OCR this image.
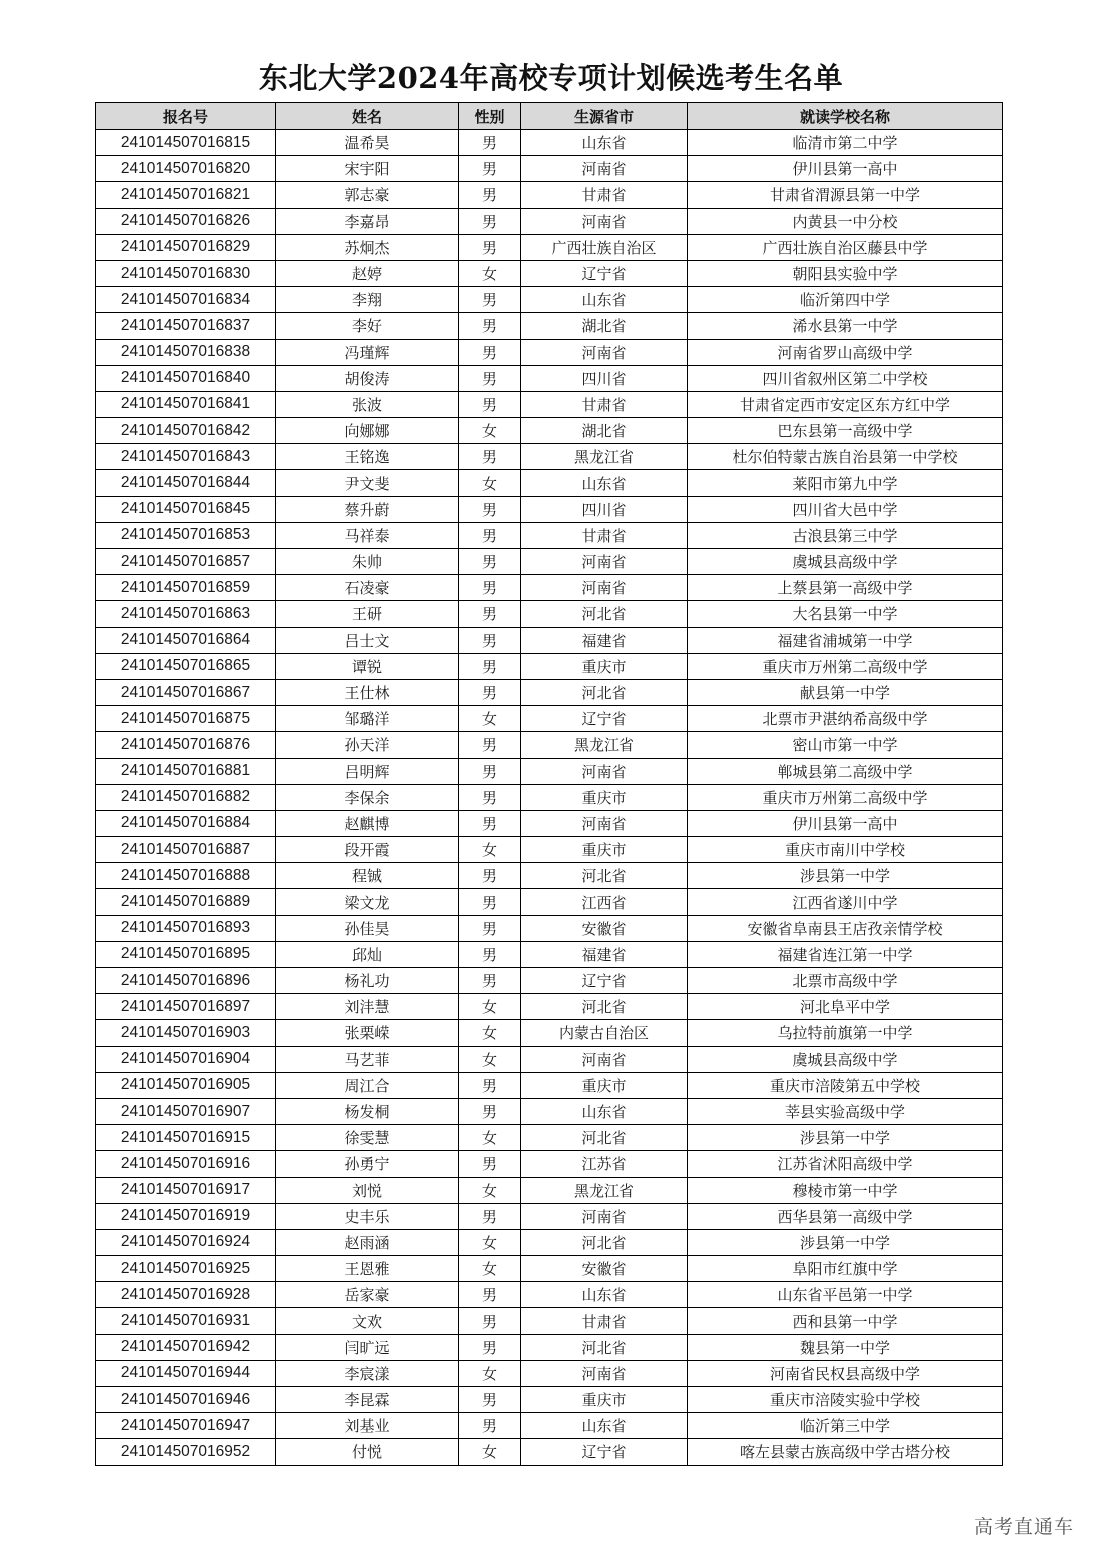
东北大学2024年高校专项计划候选考生名单
报名号	姓名	性别	生源省市	就读学校名称
241014507016815	温希昊	男	山东省	临清市第二中学
241014507016820	宋宇阳	男	河南省	伊川县第一高中
241014507016821	郭志豪	男	甘肃省	甘肃省渭源县第一中学
241014507016826	李嘉昂	男	河南省	内黄县一中分校
241014507016829	苏炯杰	男	广西壮族自治区	广西壮族自治区藤县中学
241014507016830	赵婷	女	辽宁省	朝阳县实验中学
241014507016834	李翔	男	山东省	临沂第四中学
241014507016837	李好	男	湖北省	浠水县第一中学
241014507016838	冯瑾辉	男	河南省	河南省罗山高级中学
241014507016840	胡俊涛	男	四川省	四川省叙州区第二中学校
241014507016841	张波	男	甘肃省	甘肃省定西市安定区东方红中学
241014507016842	向娜娜	女	湖北省	巴东县第一高级中学
241014507016843	王铭逸	男	黑龙江省	杜尔伯特蒙古族自治县第一中学校
241014507016844	尹文斐	女	山东省	莱阳市第九中学
241014507016845	蔡升蔚	男	四川省	四川省大邑中学
241014507016853	马祥泰	男	甘肃省	古浪县第三中学
241014507016857	朱帅	男	河南省	虞城县高级中学
241014507016859	石凌豪	男	河南省	上蔡县第一高级中学
241014507016863	王研	男	河北省	大名县第一中学
241014507016864	吕士文	男	福建省	福建省浦城第一中学
241014507016865	谭锐	男	重庆市	重庆市万州第二高级中学
241014507016867	王仕林	男	河北省	献县第一中学
241014507016875	邹璐洋	女	辽宁省	北票市尹湛纳希高级中学
241014507016876	孙天洋	男	黑龙江省	密山市第一中学
241014507016881	吕明辉	男	河南省	郸城县第二高级中学
241014507016882	李保余	男	重庆市	重庆市万州第二高级中学
241014507016884	赵麒博	男	河南省	伊川县第一高中
241014507016887	段开霞	女	重庆市	重庆市南川中学校
241014507016888	程铖	男	河北省	涉县第一中学
241014507016889	梁文龙	男	江西省	江西省遂川中学
241014507016893	孙佳昊	男	安徽省	安徽省阜南县王店孜亲情学校
241014507016895	邱灿	男	福建省	福建省连江第一中学
241014507016896	杨礼功	男	辽宁省	北票市高级中学
241014507016897	刘沣慧	女	河北省	河北阜平中学
241014507016903	张栗嵘	女	内蒙古自治区	乌拉特前旗第一中学
241014507016904	马艺菲	女	河南省	虞城县高级中学
241014507016905	周江合	男	重庆市	重庆市涪陵第五中学校
241014507016907	杨发桐	男	山东省	莘县实验高级中学
241014507016915	徐雯慧	女	河北省	涉县第一中学
241014507016916	孙勇宁	男	江苏省	江苏省沭阳高级中学
241014507016917	刘悦	女	黑龙江省	穆棱市第一中学
241014507016919	史丰乐	男	河南省	西华县第一高级中学
241014507016924	赵雨涵	女	河北省	涉县第一中学
241014507016925	王恩雅	女	安徽省	阜阳市红旗中学
241014507016928	岳家豪	男	山东省	山东省平邑第一中学
241014507016931	文欢	男	甘肃省	西和县第一中学
241014507016942	闫旷远	男	河北省	魏县第一中学
241014507016944	李宸漾	女	河南省	河南省民权县高级中学
241014507016946	李昆霖	男	重庆市	重庆市涪陵实验中学校
241014507016947	刘基业	男	山东省	临沂第三中学
241014507016952	付悦	女	辽宁省	喀左县蒙古族高级中学古塔分校
高考直通车
